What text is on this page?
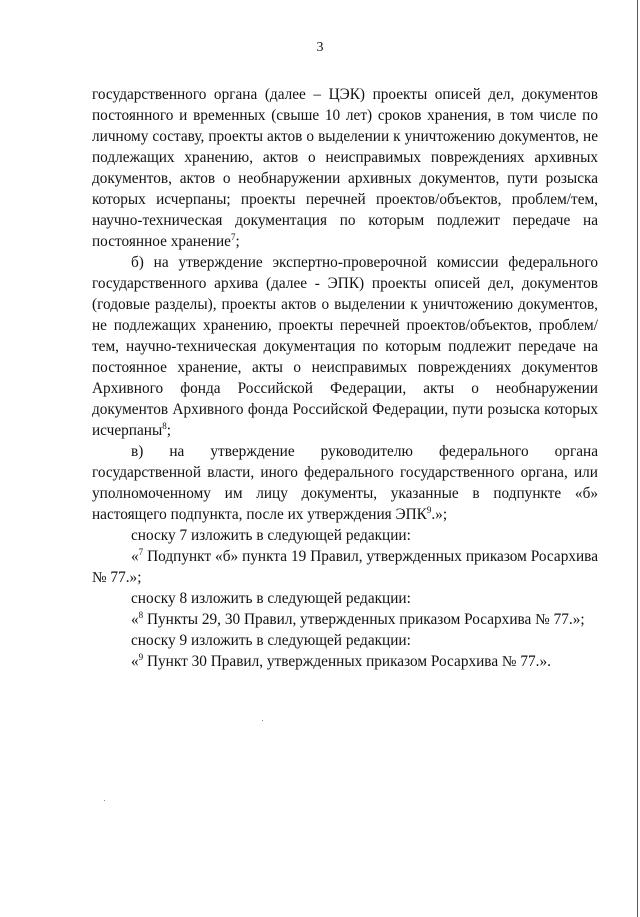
3

государственного органа (далее – ЦЭК) проекты описей дел, документов постоянного и временных (свыше 10 лет) сроков хранения, в том числе по личному составу, проекты актов о выделении к уничтожению документов, не подлежащих хранению, актов о неисправимых повреждениях архивных документов, актов о необнаружении архивных документов, пути розыска которых исчерпаны; проекты перечней проектов/объектов, проблем/тем, научно-техническая документация по которым подлежит передаче на постоянное хранение$^7$;

б) на утверждение экспертно-проверочной комиссии федерального государственного архива (далее - ЭПК) проекты описей дел, документов (годовые разделы), проекты актов о выделении к уничтожению документов, не подлежащих хранению, проекты перечней проектов/объектов, проблем/тем, научно-техническая документация по которым подлежит передаче на постоянное хранение, акты о неисправимых повреждениях документов Архивного фонда Российской Федерации, акты о необнаружении документов Архивного фонда Российской Федерации, пути розыска которых исчерпаны$^8$;

в) на утверждение руководителю федерального органа государственной власти, иного федерального государственного органа, или уполномоченному им лицу документы, указанные в подпункте «б» настоящего подпункта, после их утверждения ЭПК$^9$.»;

сноску 7 изложить в следующей редакции:

«$^7$ Подпункт «б» пункта 19 Правил, утвержденных приказом Росархива № 77.»;

сноску 8 изложить в следующей редакции:

«$^8$ Пункты 29, 30 Правил, утвержденных приказом Росархива № 77.»;

сноску 9 изложить в следующей редакции:

«$^9$ Пункт 30 Правил, утвержденных приказом Росархива № 77.».
